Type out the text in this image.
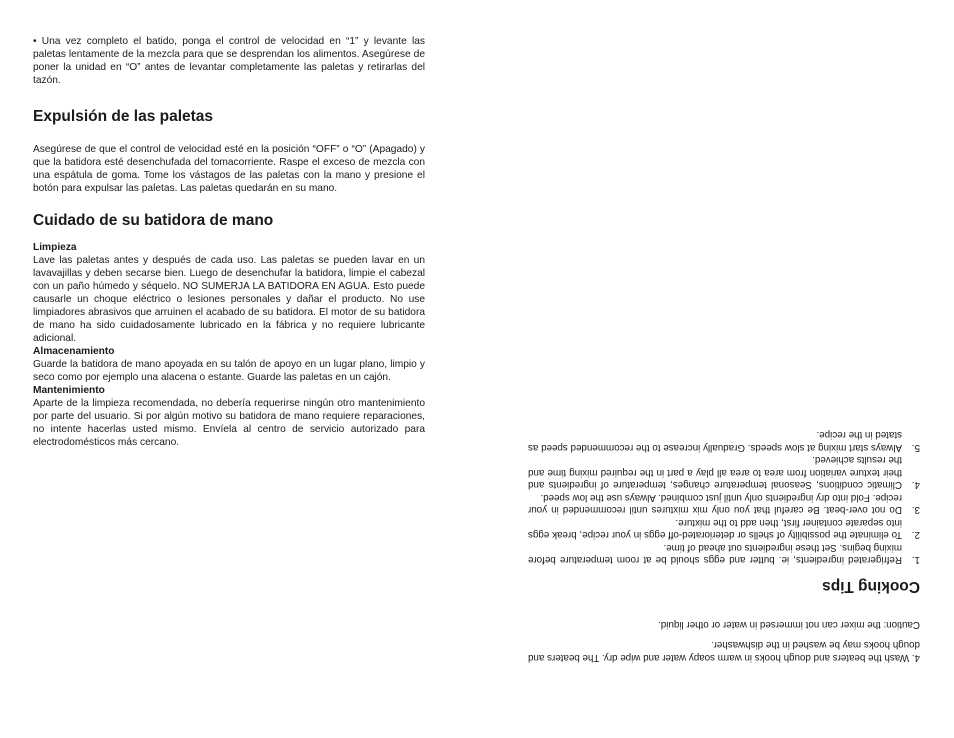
• Una vez completo el batido, ponga el control de velocidad en “1” y levante las paletas lentamente de la mezcla para que se desprendan los alimentos. Asegúrese de poner la unidad en “O” antes de levantar completamente las paletas y retirarlas del tazón.

Expulsión de las paletas

Asegúrese de que el control de velocidad esté en la posición “OFF” o “O” (Apagado) y que la batidora esté desenchufada del tomacorriente. Raspe el exceso de mezcla con una espátula de goma. Tome los vástagos de las paletas con la mano y presione el botón para expulsar las paletas. Las paletas quedarán en su mano.

Cuidado de su batidora de mano

Limpieza

Lave las paletas antes y después de cada uso. Las paletas se pueden lavar en un lavavajillas y deben secarse bien. Luego de desenchufar la batidora, limpie el cabezal con un paño húmedo y séquelo. NO SUMERJA LA BATIDORA EN AGUA. Esto puede causarle un choque eléctrico o lesiones personales y dañar el producto. No use limpiadores abrasivos que arruinen el acabado de su batidora. El motor de su batidora de mano ha sido cuidadosamente lubricado en la fábrica y no requiere lubricante adicional.

Almacenamiento

Guarde la batidora de mano apoyada en su talón de apoyo en un lugar plano, limpio y seco como por ejemplo una alacena o estante. Guarde las paletas en un cajón.

Mantenimiento

Aparte de la limpieza recomendada, no debería requerirse ningún otro mantenimiento por parte del usuario. Si por algún motivo su batidora de mano requiere reparaciones, no intente hacerlas usted mismo. Envíela al centro de servicio autorizado para electrodomésticos más cercano.

4. Wash the beaters and dough hooks in warm soapy water and wipe dry. The beaters and dough hooks may be washed in the dishwasher.

Caution: the mixer can not immersed in water or other liquid.

Cooking Tips
1.
Refrigerated ingredients, ie. butter and eggs should be at room temperature before mixing begins. Set these ingredients out ahead of time.
2.
To eliminate the possibility of shells or deteriorated-off eggs in your recipe, break eggs into separate container first, then add to the mixture.
3.
Do not over-beat. Be careful that you only mix mixtures until recommended in your recipe. Fold into dry ingredients only until just combined. Always use the low speed.
4.
Climatic conditions, Seasonal temperature changes, temperature of ingredients and their texture variation from area to area all play a part in the required mixing time and the results achieved.
5.
Always start mixing at slow speeds. Gradually increase to the recommended speed as stated in the recipe.
